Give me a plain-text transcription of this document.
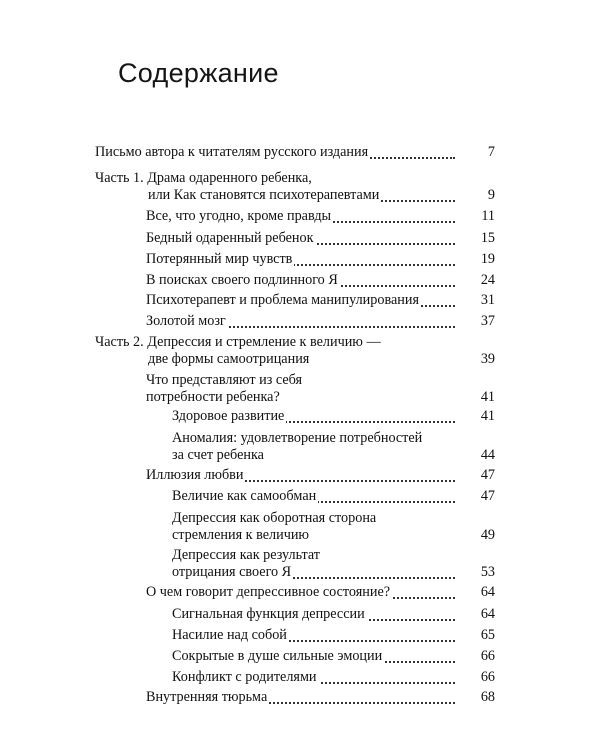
Содержание
Письмо автора к читателям русского издания	7
Часть 1. Драма одаренного ребенка,
или Как становятся психотерапевтами	9
Все, что угодно, кроме правды	11
Бедный одаренный ребенок	15
Потерянный мир чувств	19
В поисках своего подлинного Я	24
Психотерапевт и проблема манипулирования	31
Золотой мозг	37
Часть 2. Депрессия и стремление к величию —
две формы самоотрицания	39
Что представляют из себя
потребности ребенка?	41
Здоровое развитие	41
Аномалия: удовлетворение потребностей
за счет ребенка	44
Иллюзия любви	47
Величие как самообман	47
Депрессия как оборотная сторона
стремления к величию	49
Депрессия как результат
отрицания своего Я	53
О чем говорит депрессивное состояние?	64
Сигнальная функция депрессии	64
Насилие над собой	65
Сокрытые в душе сильные эмоции	66
Конфликт с родителями	66
Внутренняя тюрьма	68
